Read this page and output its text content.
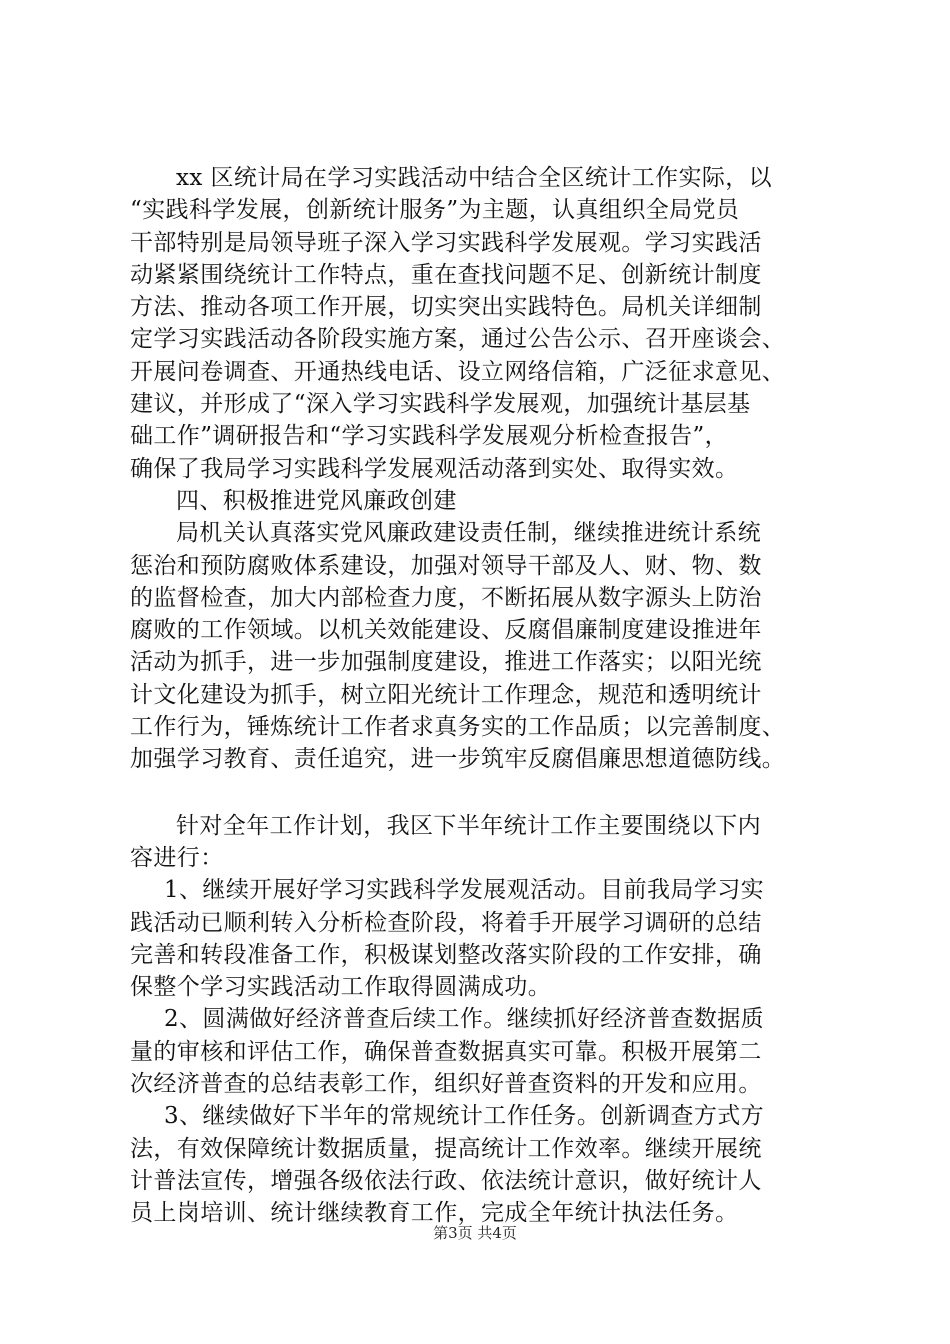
xx 区统计局在学习实践活动中结合全区统计工作实际，以
“实践科学发展，创新统计服务”为主题，认真组织全局党员
干部特别是局领导班子深入学习实践科学发展观。学习实践活
动紧紧围绕统计工作特点，重在查找问题不足、创新统计制度
方法、推动各项工作开展，切实突出实践特色。局机关详细制
定学习实践活动各阶段实施方案，通过公告公示、召开座谈会、
开展问卷调查、开通热线电话、设立网络信箱，广泛征求意见、
建议，并形成了“深入学习实践科学发展观，加强统计基层基
础工作”调研报告和“学习实践科学发展观分析检查报告”，
确保了我局学习实践科学发展观活动落到实处、取得实效。
四、积极推进党风廉政创建
局机关认真落实党风廉政建设责任制，继续推进统计系统
惩治和预防腐败体系建设，加强对领导干部及人、财、物、数
的监督检查，加大内部检查力度，不断拓展从数字源头上防治
腐败的工作领域。以机关效能建设、反腐倡廉制度建设推进年
活动为抓手，进一步加强制度建设，推进工作落实；以阳光统
计文化建设为抓手，树立阳光统计工作理念，规范和透明统计
工作行为，锤炼统计工作者求真务实的工作品质；以完善制度、
加强学习教育、责任追究，进一步筑牢反腐倡廉思想道德防线。
针对全年工作计划，我区下半年统计工作主要围绕以下内
容进行：
1、继续开展好学习实践科学发展观活动。目前我局学习实
践活动已顺利转入分析检查阶段，将着手开展学习调研的总结
完善和转段准备工作，积极谋划整改落实阶段的工作安排，确
保整个学习实践活动工作取得圆满成功。
2、圆满做好经济普查后续工作。继续抓好经济普查数据质
量的审核和评估工作，确保普查数据真实可靠。积极开展第二
次经济普查的总结表彰工作，组织好普查资料的开发和应用。
3、继续做好下半年的常规统计工作任务。创新调查方式方
法，有效保障统计数据质量，提高统计工作效率。继续开展统
计普法宣传，增强各级依法行政、依法统计意识，做好统计人
员上岗培训、统计继续教育工作，完成全年统计执法任务。
第3页 共4页
